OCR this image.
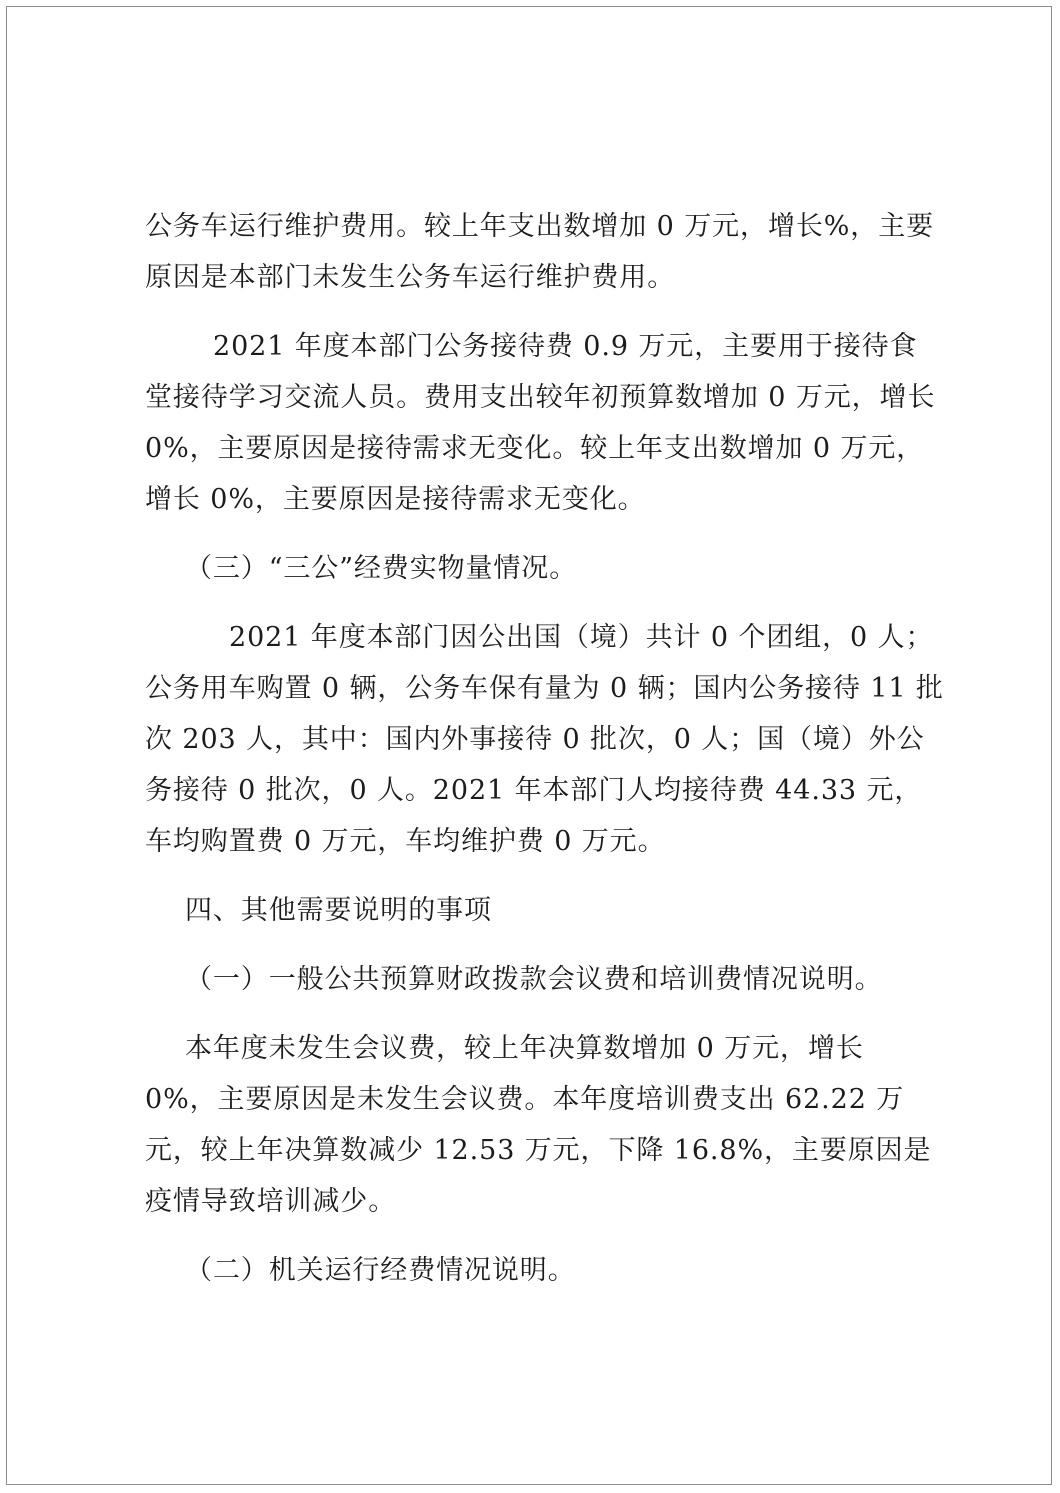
公务车运行维护费用。较上年支出数增加 0 万元，增长%，主要原因是本部门未发生公务车运行维护费用。

2021 年度本部门公务接待费 0.9 万元，主要用于接待食堂接待学习交流人员。费用支出较年初预算数增加 0 万元，增长 0%，主要原因是接待需求无变化。较上年支出数增加 0 万元，增长 0%，主要原因是接待需求无变化。

（三）“三公”经费实物量情况。

2021 年度本部门因公出国（境）共计 0 个团组，0 人；公务用车购置 0 辆，公务车保有量为 0 辆；国内公务接待 11 批次 203 人，其中：国内外事接待 0 批次，0 人；国（境）外公务接待 0 批次，0 人。2021 年本部门人均接待费 44.33 元，车均购置费 0 万元，车均维护费 0 万元。

四、其他需要说明的事项

（一）一般公共预算财政拨款会议费和培训费情况说明。

本年度未发生会议费，较上年决算数增加 0 万元，增长 0%，主要原因是未发生会议费。本年度培训费支出 62.22 万元，较上年决算数减少 12.53 万元，下降 16.8%，主要原因是疫情导致培训减少。

（二）机关运行经费情况说明。
